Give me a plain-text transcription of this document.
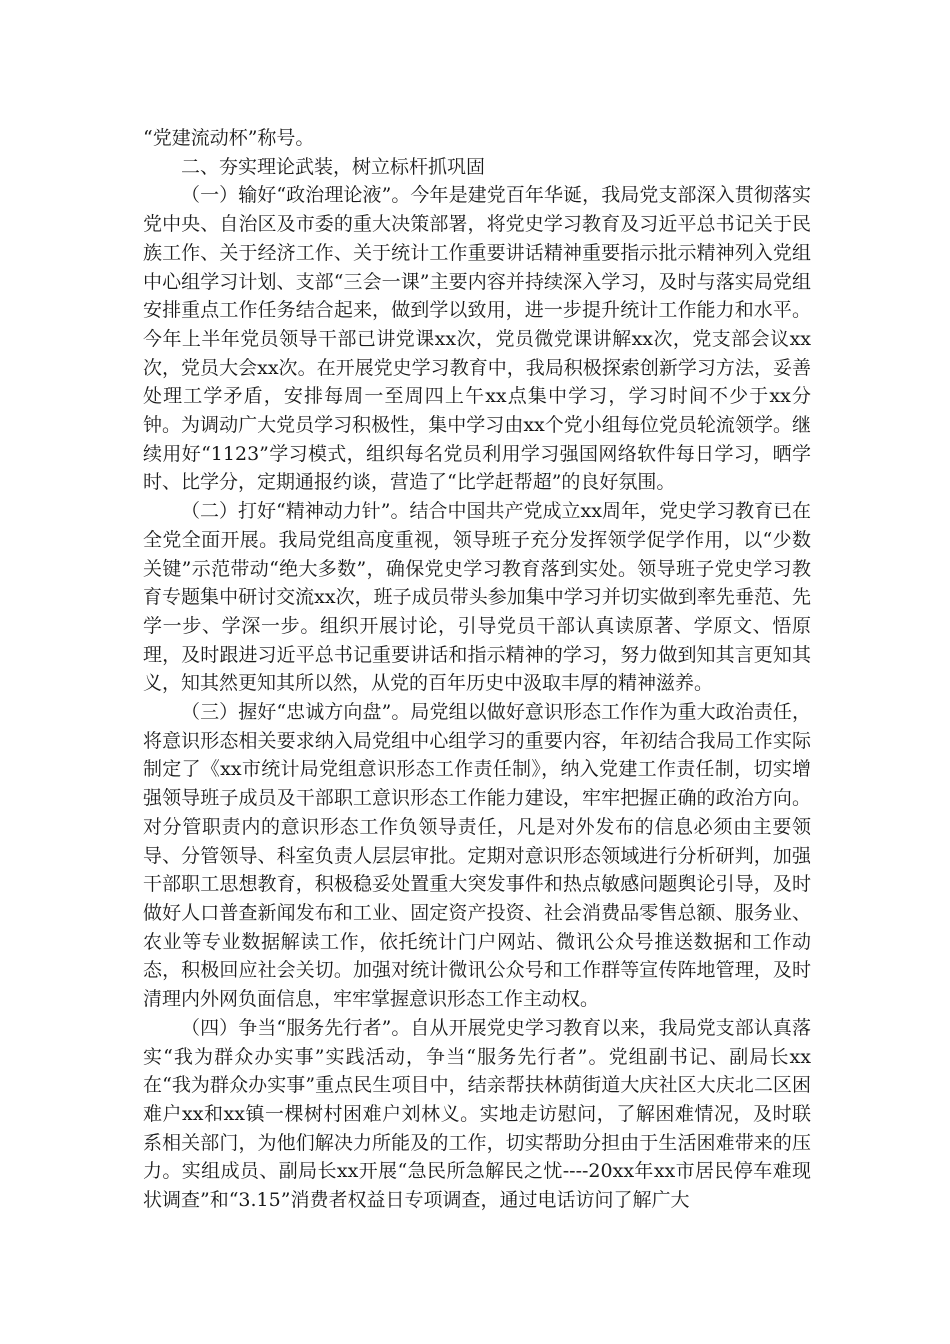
“党建流动杯”称号。

二、夯实理论武装，树立标杆抓巩固

（一）输好“政治理论液”。今年是建党百年华诞，我局党支部深入贯彻落实党中央、自治区及市委的重大决策部署，将党史学习教育及习近平总书记关于民族工作、关于经济工作、关于统计工作重要讲话精神重要指示批示精神列入党组中心组学习计划、支部“三会一课”主要内容并持续深入学习，及时与落实局党组安排重点工作任务结合起来，做到学以致用，进一步提升统计工作能力和水平。今年上半年党员领导干部已讲党课xx次，党员微党课讲解xx次，党支部会议xx次，党员大会xx次。在开展党史学习教育中，我局积极探索创新学习方法，妥善处理工学矛盾，安排每周一至周四上午xx点集中学习，学习时间不少于xx分钟。为调动广大党员学习积极性，集中学习由xx个党小组每位党员轮流领学。继续用好“1123”学习模式，组织每名党员利用学习强国网络软件每日学习，晒学时、比学分，定期通报约谈，营造了“比学赶帮超”的良好氛围。

（二）打好“精神动力针”。结合中国共产党成立xx周年，党史学习教育已在全党全面开展。我局党组高度重视，领导班子充分发挥领学促学作用，以“少数关键”示范带动“绝大多数”，确保党史学习教育落到实处。领导班子党史学习教育专题集中研讨交流xx次，班子成员带头参加集中学习并切实做到率先垂范、先学一步、学深一步。组织开展讨论，引导党员干部认真读原著、学原文、悟原理，及时跟进习近平总书记重要讲话和指示精神的学习，努力做到知其言更知其义，知其然更知其所以然，从党的百年历史中汲取丰厚的精神滋养。

（三）握好“忠诚方向盘”。局党组以做好意识形态工作作为重大政治责任，将意识形态相关要求纳入局党组中心组学习的重要内容，年初结合我局工作实际制定了《xx市统计局党组意识形态工作责任制》，纳入党建工作责任制，切实增强领导班子成员及干部职工意识形态工作能力建设，牢牢把握正确的政治方向。对分管职责内的意识形态工作负领导责任，凡是对外发布的信息必须由主要领导、分管领导、科室负责人层层审批。定期对意识形态领域进行分析研判，加强干部职工思想教育，积极稳妥处置重大突发事件和热点敏感问题舆论引导，及时做好人口普查新闻发布和工业、固定资产投资、社会消费品零售总额、服务业、农业等专业数据解读工作，依托统计门户网站、微讯公众号推送数据和工作动态，积极回应社会关切。加强对统计微讯公众号和工作群等宣传阵地管理，及时清理内外网负面信息，牢牢掌握意识形态工作主动权。

（四）争当“服务先行者”。自从开展党史学习教育以来，我局党支部认真落实“我为群众办实事”实践活动，争当“服务先行者”。党组副书记、副局长xx在“我为群众办实事”重点民生项目中，结亲帮扶林荫街道大庆社区大庆北二区困难户xx和xx镇一棵树村困难户刘林义。实地走访慰问，了解困难情况，及时联系相关部门，为他们解决力所能及的工作，切实帮助分担由于生活困难带来的压力。实组成员、副局长xx开展“急民所急解民之忧----20xx年xx市居民停车难现状调查”和“3.15”消费者权益日专项调查，通过电话访问了解广大
